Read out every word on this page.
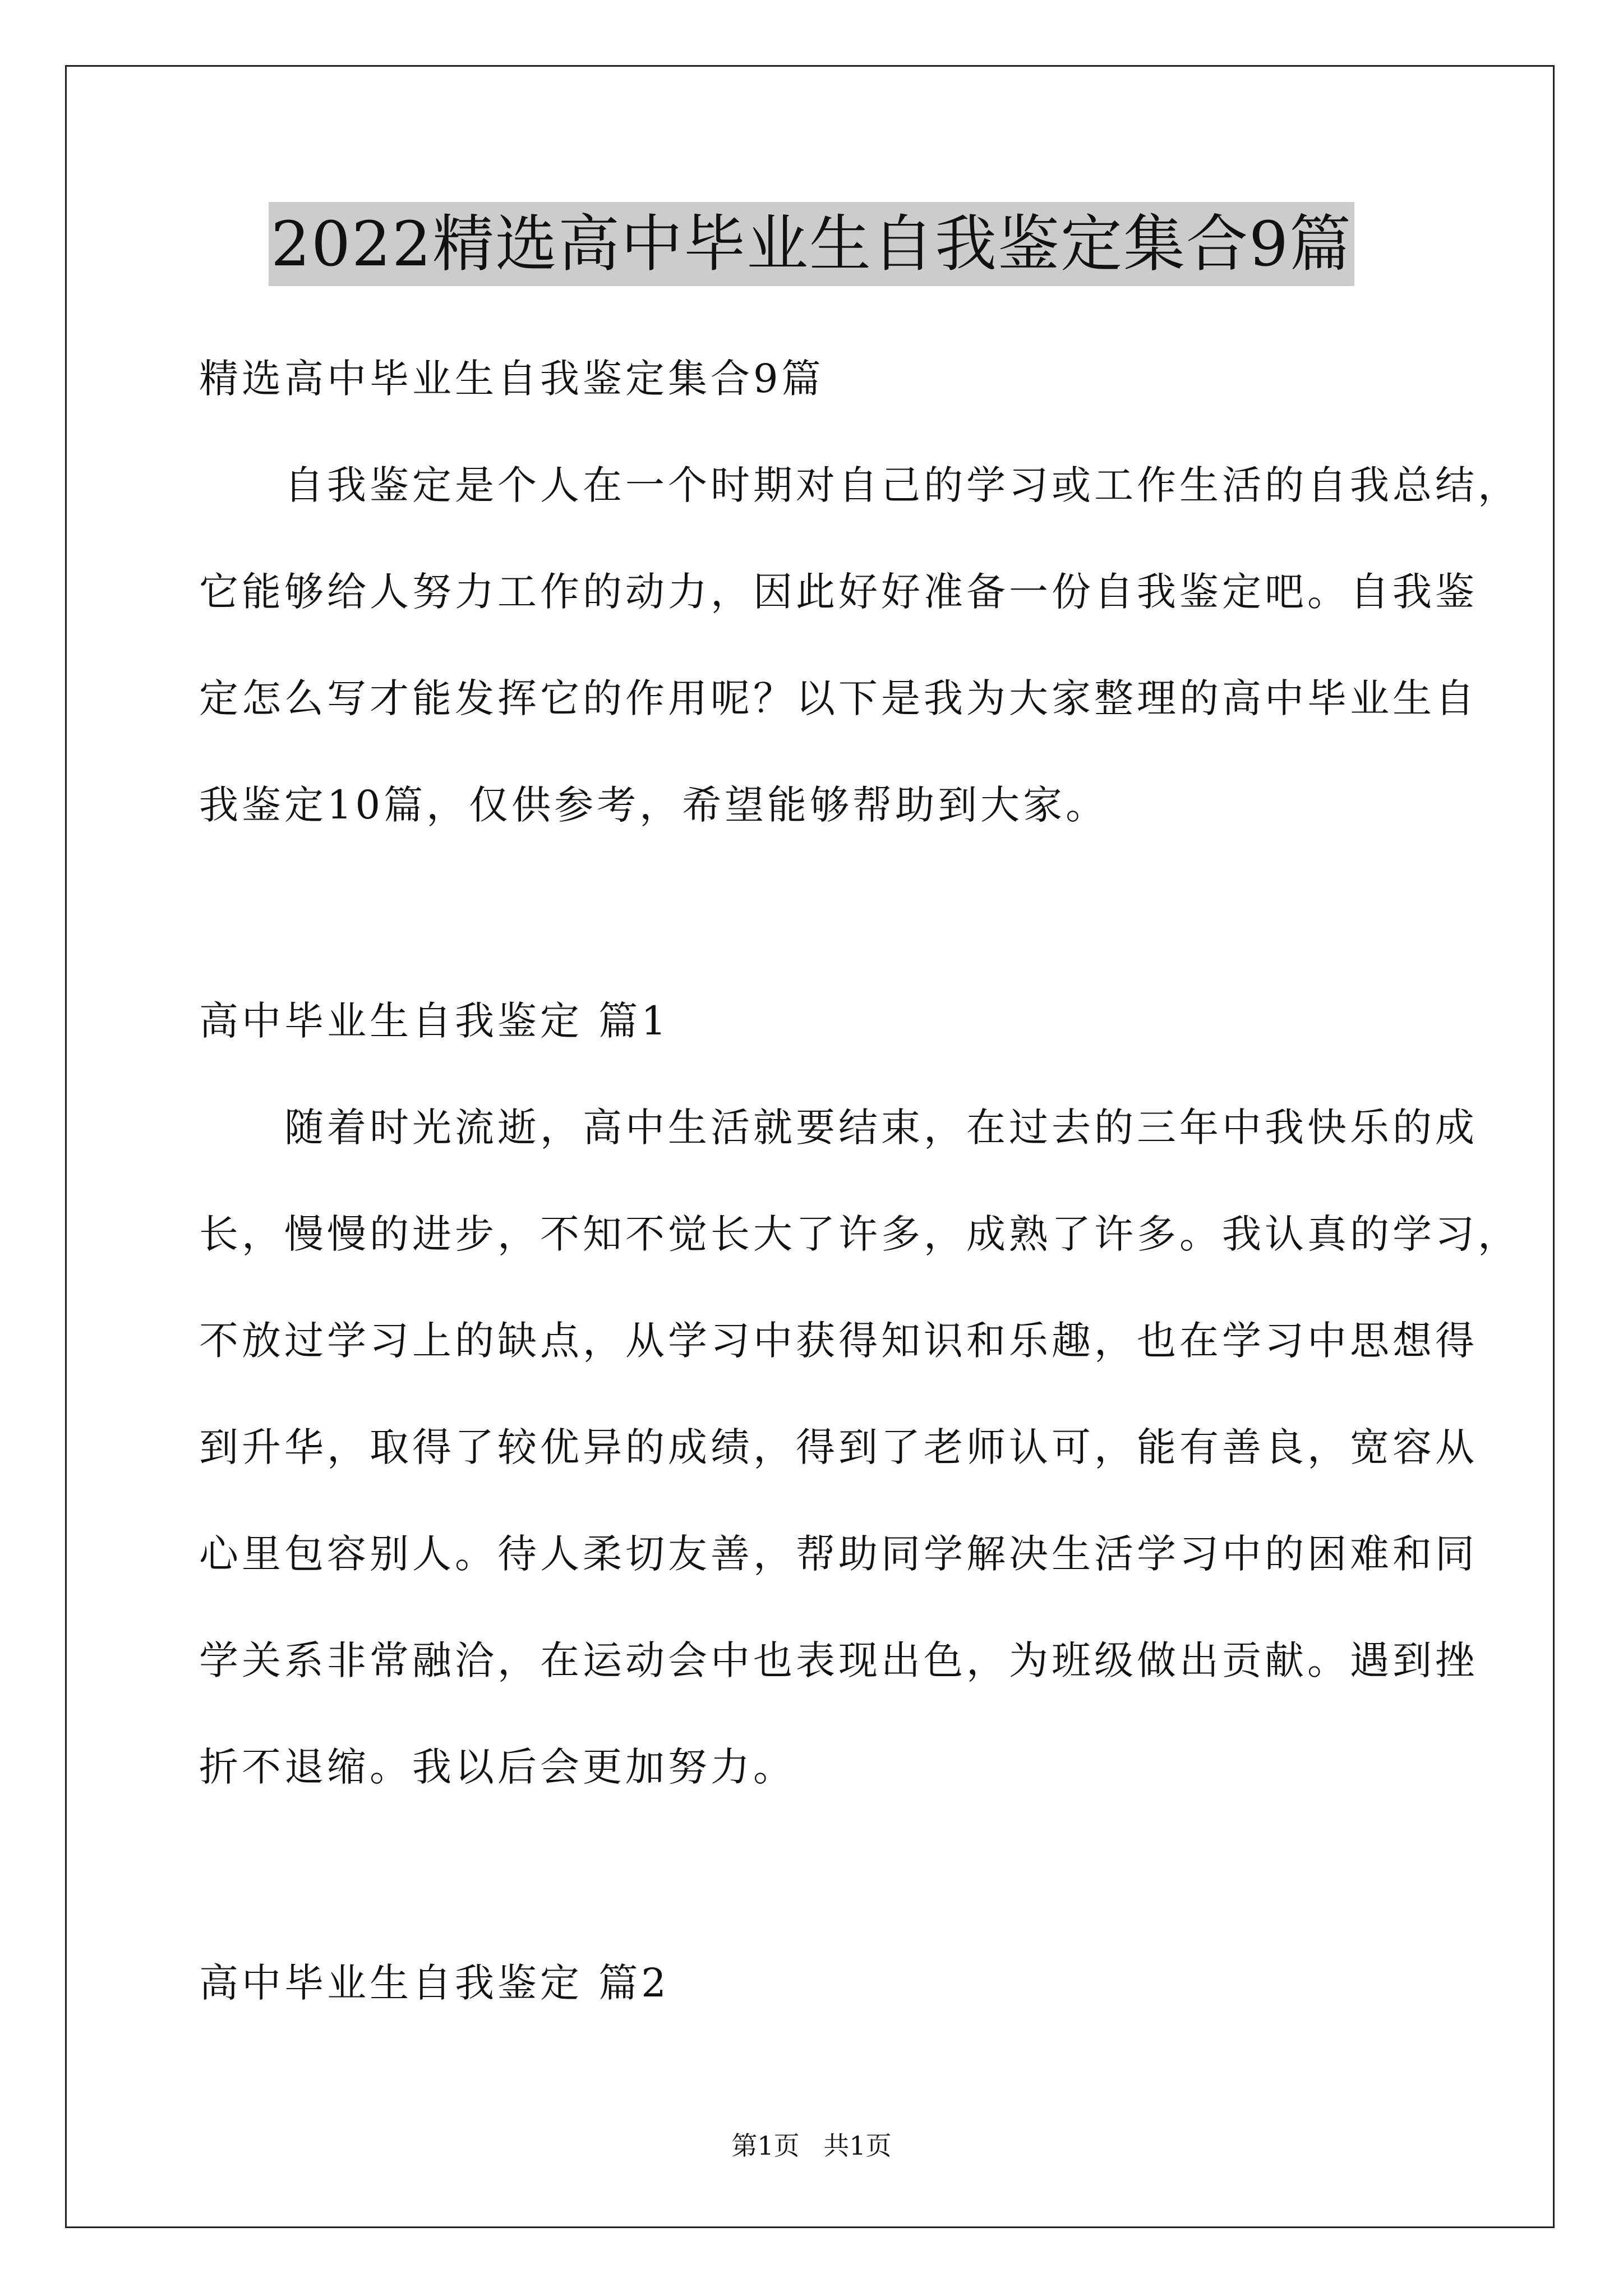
2022精选高中毕业生自我鉴定集合9篇
精选高中毕业生自我鉴定集合9篇
　　自我鉴定是个人在一个时期对自己的学习或工作生活的自我总结，
它能够给人努力工作的动力，因此好好准备一份自我鉴定吧。自我鉴
定怎么写才能发挥它的作用呢？以下是我为大家整理的高中毕业生自
我鉴定10篇，仅供参考，希望能够帮助到大家。
高中毕业生自我鉴定 篇1
　　随着时光流逝，高中生活就要结束，在过去的三年中我快乐的成
长，慢慢的进步，不知不觉长大了许多，成熟了许多。我认真的学习，
不放过学习上的缺点，从学习中获得知识和乐趣，也在学习中思想得
到升华，取得了较优异的成绩，得到了老师认可，能有善良，宽容从
心里包容别人。待人柔切友善，帮助同学解决生活学习中的困难和同
学关系非常融洽，在运动会中也表现出色，为班级做出贡献。遇到挫
折不退缩。我以后会更加努力。
高中毕业生自我鉴定 篇2
第1页 共1页
